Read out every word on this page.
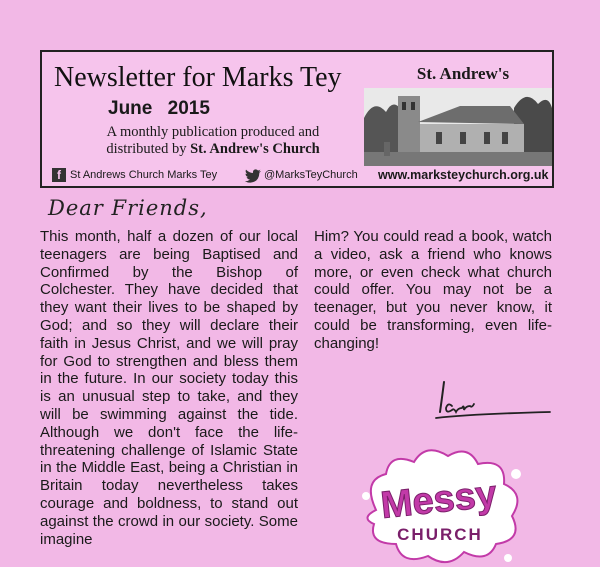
Newsletter for Marks Tey
June 2015
A monthly publication produced and
distributed by St. Andrew's Church
St. Andrew's
f St Andrews Church Marks Tey	@MarksTeyChurch www.marksteychurch.org.uk
Dear Friends,
This month, half a dozen of our local teenagers are being Baptised and Confirmed by the Bishop of Colchester. They have decided that they want their lives to be shaped by God; and so they will declare their faith in Jesus Christ, and we will pray for God to strengthen and bless them in the future. In our society today this is an unusual step to take, and they will be swimming against the tide. Although we don't face the life-threatening challenge of Islamic State in the Middle East, being a Christian in Britain today nevertheless takes courage and boldness, to stand out against the crowd in our society. Some imagine
Him? You could read a book, watch a video, ask a friend who knows more, or even check what church could offer. You may not be a teenager, but you never know, it could be transforming, even life-changing!
Messy
CHURCH
